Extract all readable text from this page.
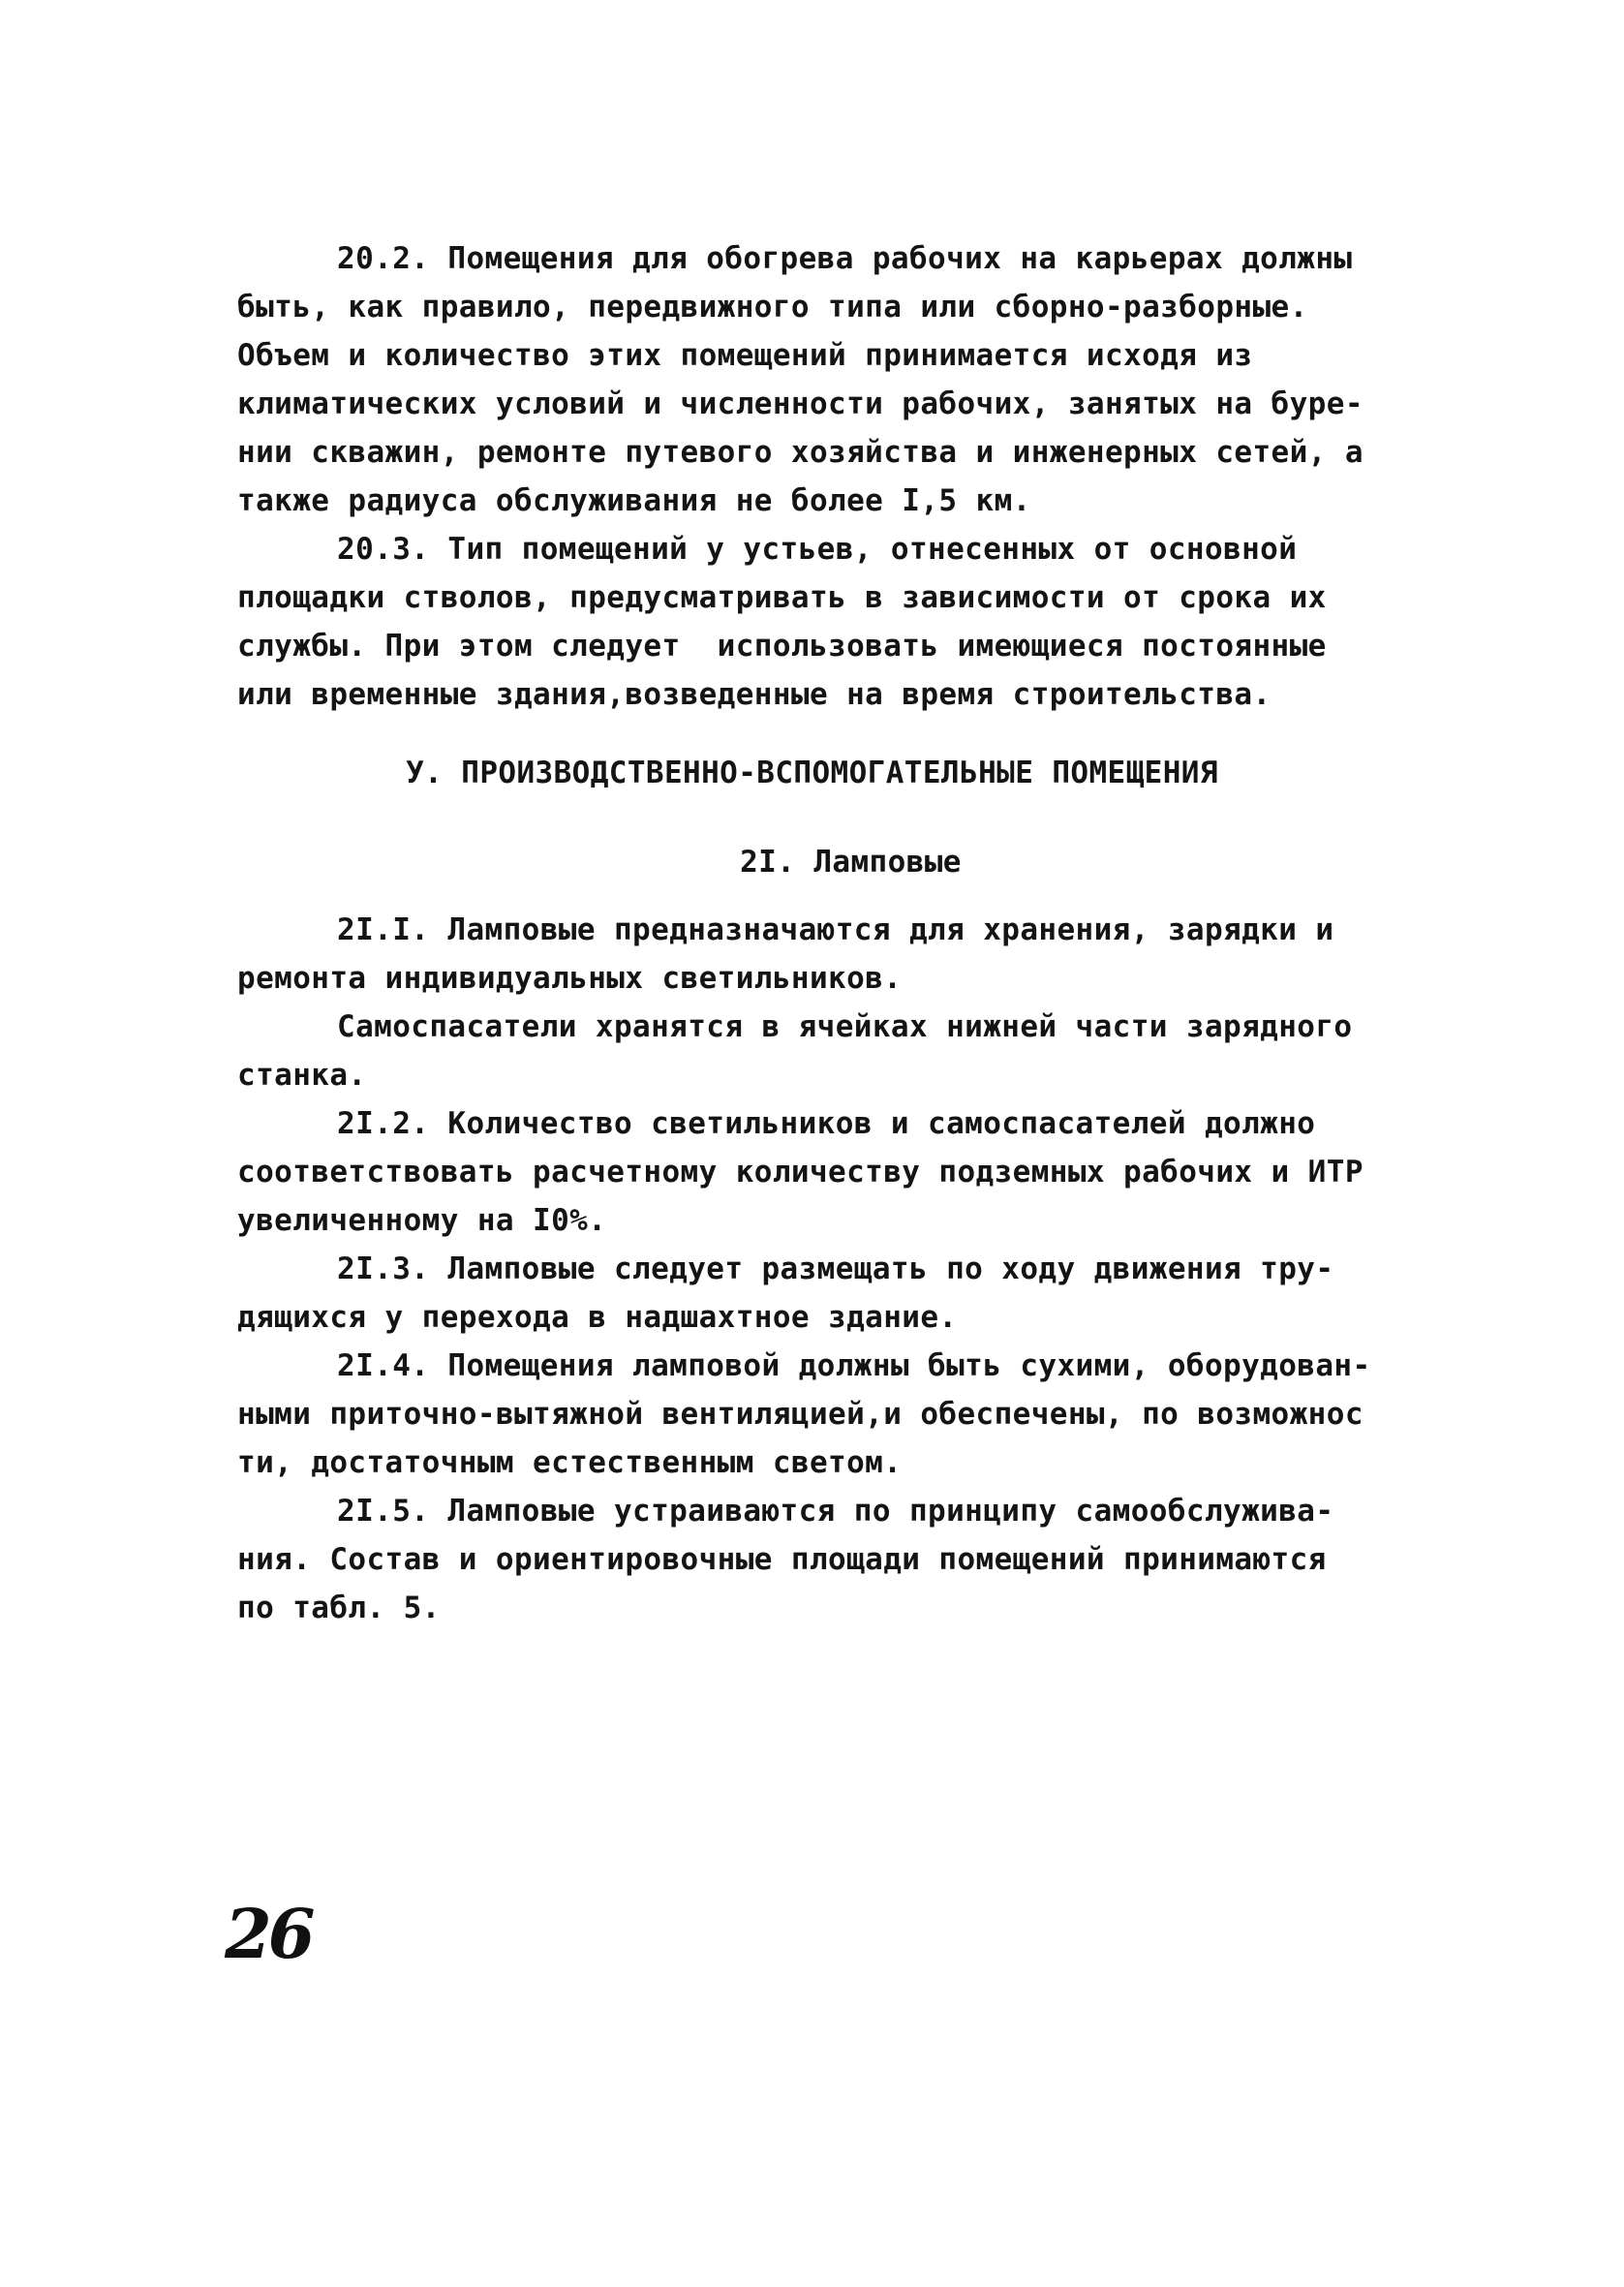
20.2. Помещения для обогрева рабочих на карьерах должны
быть, как правило, передвижного типа или сборно-разборные.
Объем и количество этих помещений принимается исходя из
климатических условий и численности рабочих, занятых на буре-
нии скважин, ремонте путевого хозяйства и инженерных сетей, а
также радиуса обслуживания не более I,5 км.
20.3. Тип помещений у устьев, отнесенных от основной
площадки стволов, предусматривать в зависимости от срока их
службы. При этом следует  использовать имеющиеся постоянные
или временные здания,возведенные на время строительства.
У. ПРОИЗВОДСТВЕННО-ВСПОМОГАТЕЛЬНЫЕ ПОМЕЩЕНИЯ
2I. Ламповые
2I.I. Ламповые предназначаются для хранения, зарядки и
ремонта индивидуальных светильников.
Самоспасатели хранятся в ячейках нижней части зарядного
станка.
2I.2. Количество светильников и самоспасателей должно
соответствовать расчетному количеству подземных рабочих и ИТР
увеличенному на I0%.
2I.3. Ламповые следует размещать по ходу движения тру-
дящихся у перехода в надшахтное здание.
2I.4. Помещения ламповой должны быть сухими, оборудован-
ными приточно-вытяжной вентиляцией,и обеспечены, по возможнос
ти, достаточным естественным светом.
2I.5. Ламповые устраиваются по принципу самообслужива-
ния. Состав и ориентировочные площади помещений принимаются
по табл. 5.
26
